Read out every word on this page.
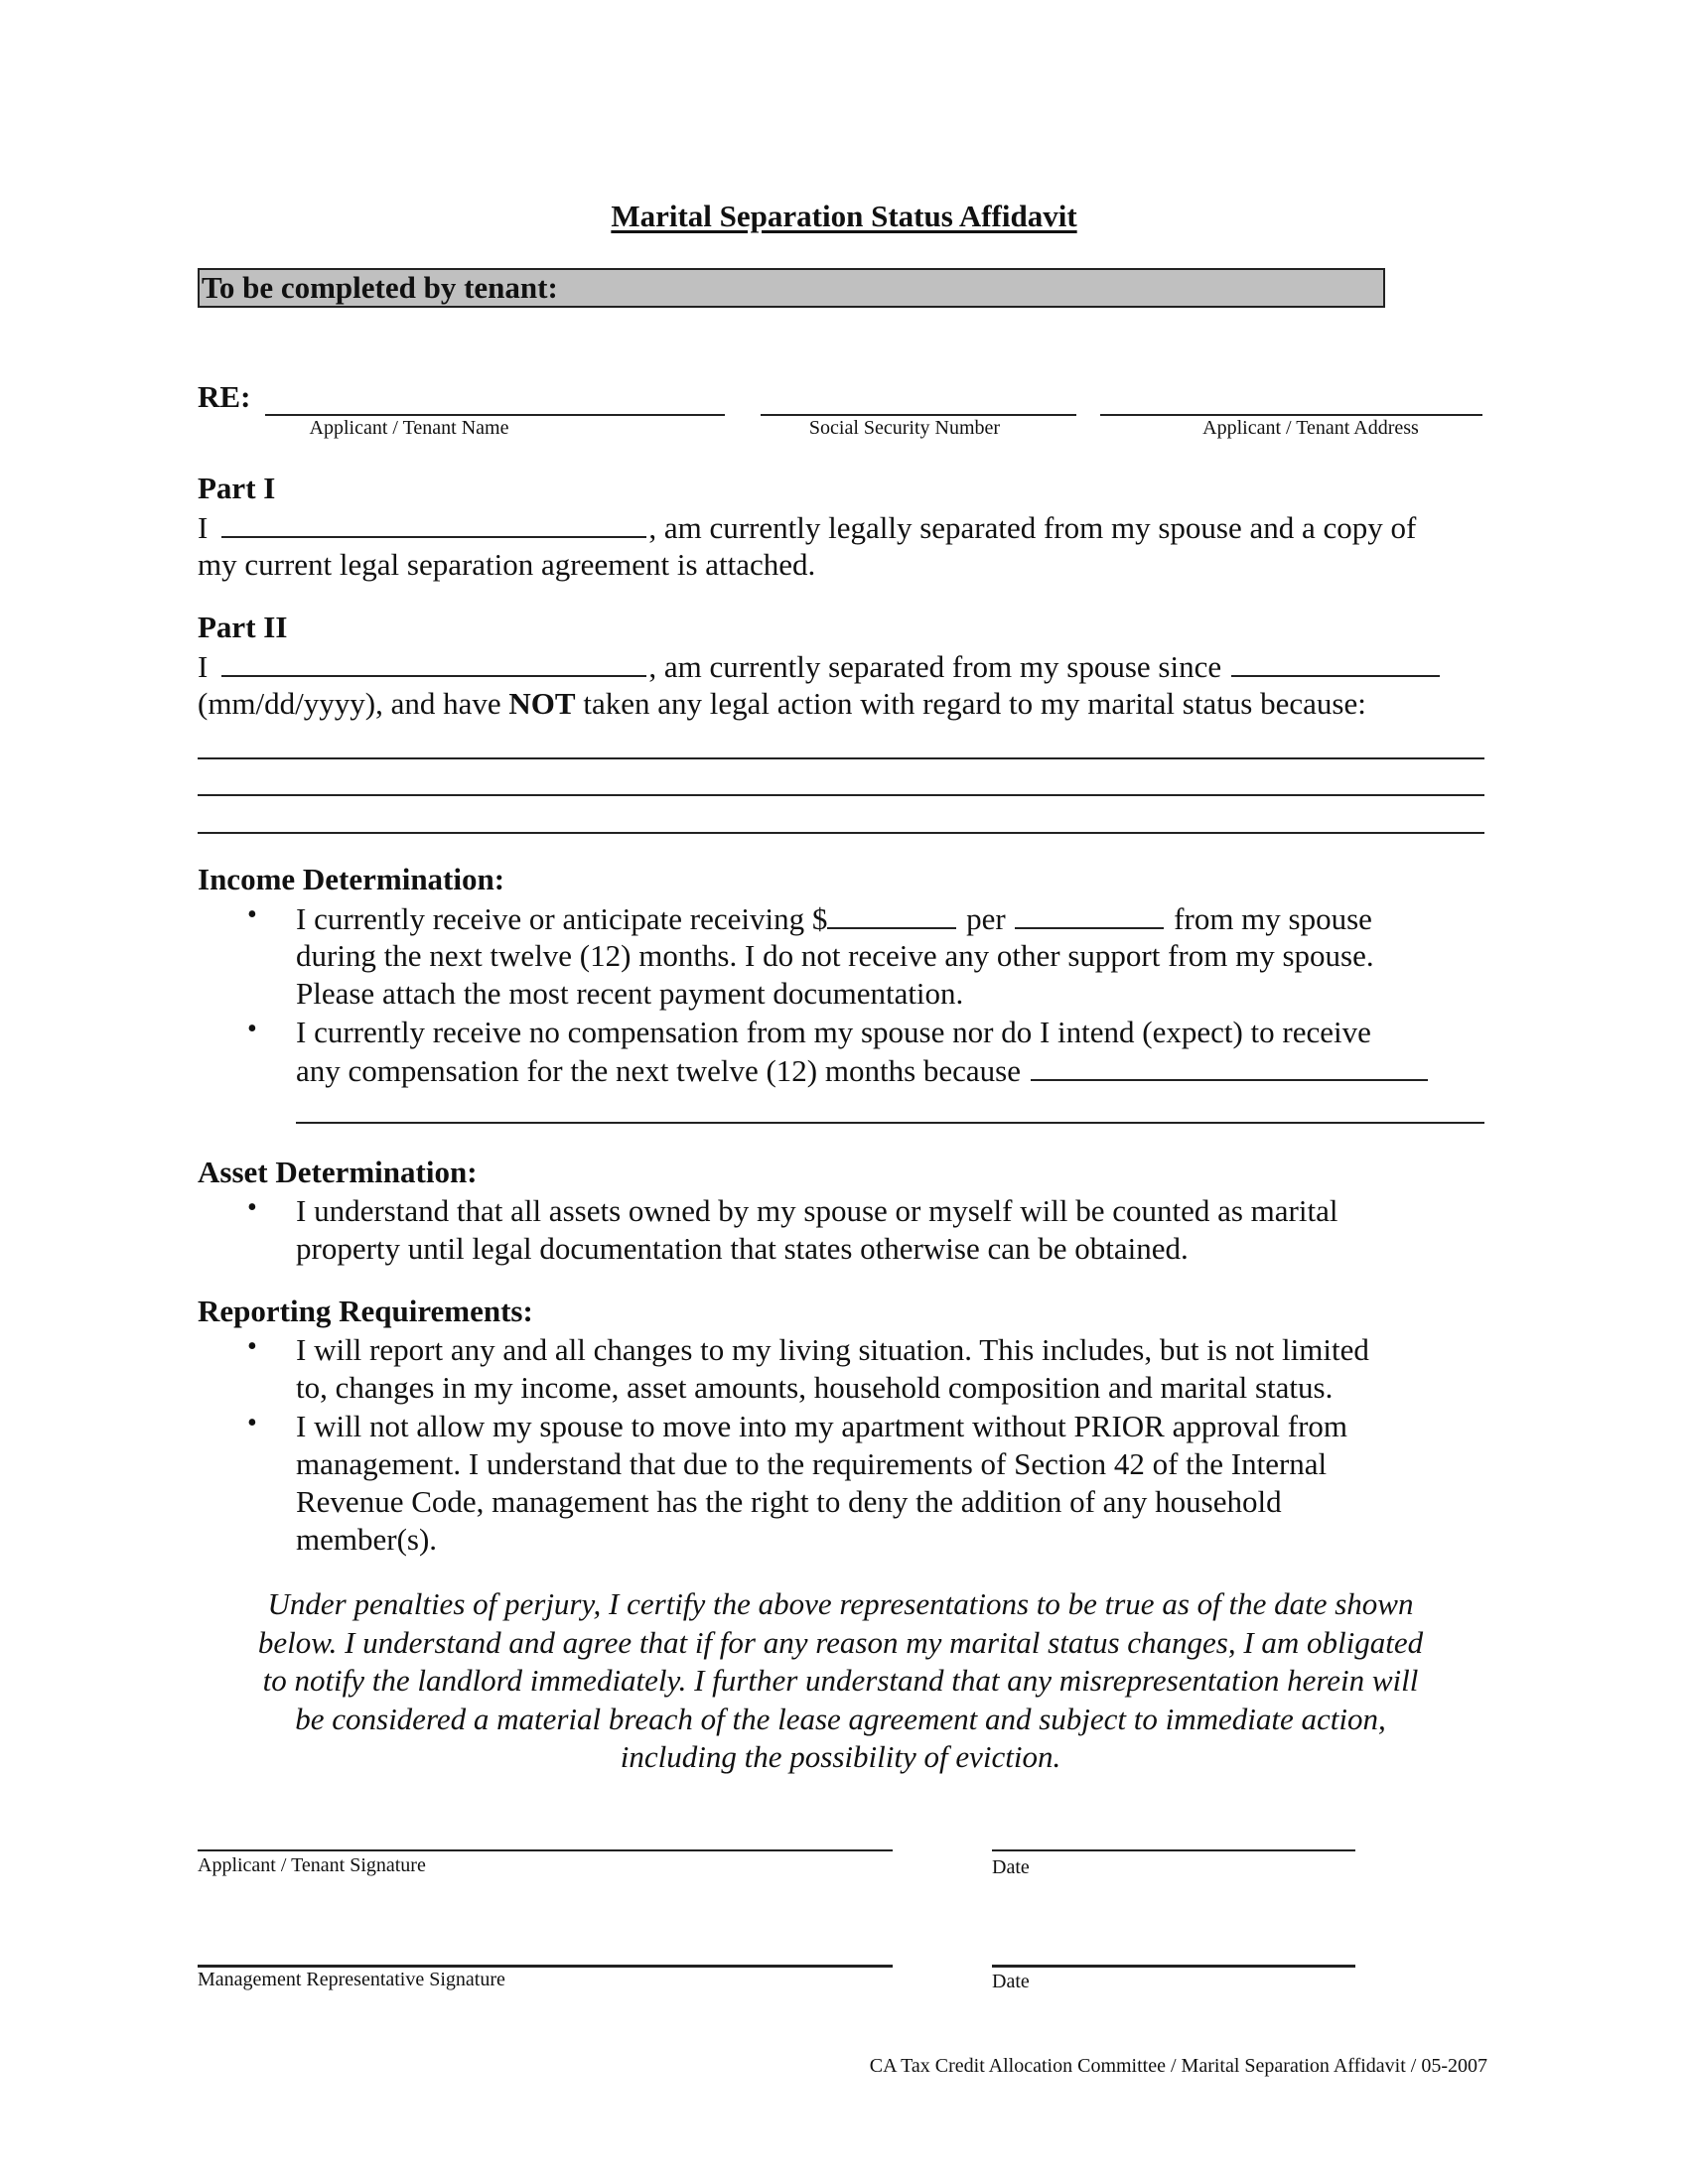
Marital Separation Status Affidavit
To be completed by tenant:
RE:
Applicant / Tenant Name	Social Security Number	Applicant / Tenant Address
Part I
I	, am currently legally separated from my spouse and a copy of
my current legal separation agreement is attached.
Part II
I	, am currently separated from my spouse since
(mm/dd/yyyy), and have NOT taken any legal action with regard to my marital status because:
Income Determination:
• I currently receive or anticipate receiving $	per	from my spouse
during the next twelve (12) months. I do not receive any other support from my spouse.
Please attach the most recent payment documentation.
• I currently receive no compensation from my spouse nor do I intend (expect) to receive
any compensation for the next twelve (12) months because
Asset Determination:
• I understand that all assets owned by my spouse or myself will be counted as marital
property until legal documentation that states otherwise can be obtained.
Reporting Requirements:
• I will report any and all changes to my living situation. This includes, but is not limited
to, changes in my income, asset amounts, household composition and marital status.
• I will not allow my spouse to move into my apartment without PRIOR approval from
management. I understand that due to the requirements of Section 42 of the Internal
Revenue Code, management has the right to deny the addition of any household
member(s).
Under penalties of perjury, I certify the above representations to be true as of the date shown
below. I understand and agree that if for any reason my marital status changes, I am obligated
to notify the landlord immediately. I further understand that any misrepresentation herein will
be considered a material breach of the lease agreement and subject to immediate action,
including the possibility of eviction.
Applicant / Tenant Signature	Date
Management Representative Signature	Date
CA Tax Credit Allocation Committee / Marital Separation Affidavit / 05-2007
